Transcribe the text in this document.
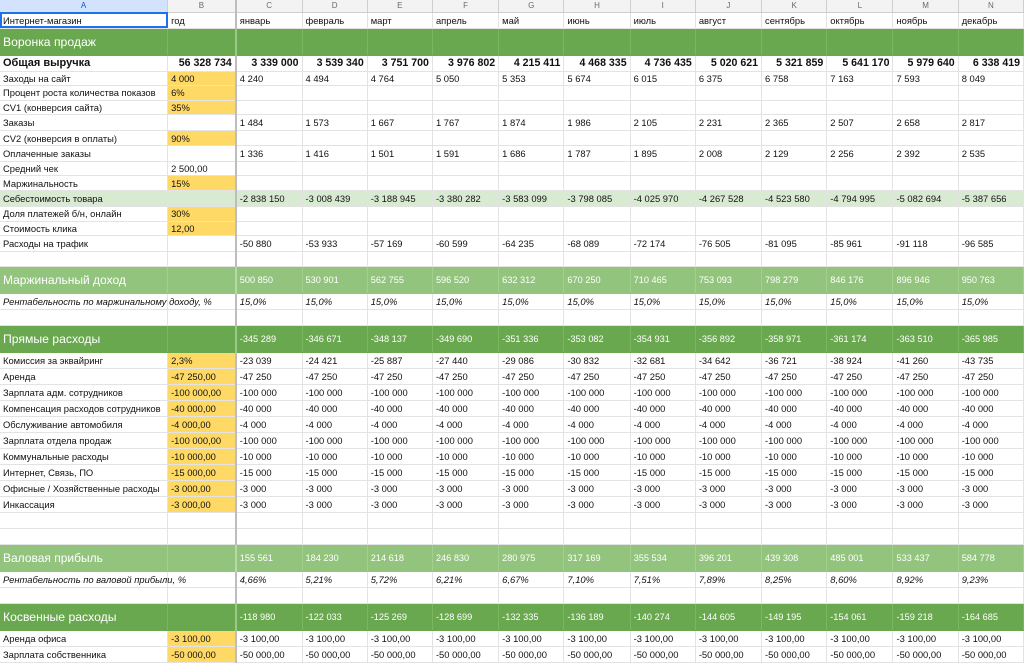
A	B	C	D	E	F	G	H	I	J	K	L	M	N
Интернет-магазин	год	январь	февраль	март	апрель	май	июнь	июль	август	сентябрь	октябрь	ноябрь	декабрь
Воронка продаж													
Общая выручка	56 328 734	3 339 000	3 539 340	3 751 700	3 976 802	4 215 411	4 468 335	4 736 435	5 020 621	5 321 859	5 641 170	5 979 640	6 338 419
Заходы на сайт	4 000	4 240	4 494	4 764	5 050	5 353	5 674	6 015	6 375	6 758	7 163	7 593	8 049
Процент роста количества показов	6%												
CV1 (конверсия сайта)	35%												
Заказы		1 484	1 573	1 667	1 767	1 874	1 986	2 105	2 231	2 365	2 507	2 658	2 817
CV2 (конверсия в оплаты)	90%												
Оплаченные заказы		1 336	1 416	1 501	1 591	1 686	1 787	1 895	2 008	2 129	2 256	2 392	2 535
Средний чек	2 500,00												
Маржинальность	15%												
Себестоимость товара		-2 838 150	-3 008 439	-3 188 945	-3 380 282	-3 583 099	-3 798 085	-4 025 970	-4 267 528	-4 523 580	-4 794 995	-5 082 694	-5 387 656
Доля платежей б/н, онлайн	30%												
Стоимость клика	12,00												
Расходы на трафик		-50 880	-53 933	-57 169	-60 599	-64 235	-68 089	-72 174	-76 505	-81 095	-85 961	-91 118	-96 585

Маржинальный доход		500 850	530 901	562 755	596 520	632 312	670 250	710 465	753 093	798 279	846 176	896 946	950 763
Рентабельность по маржинальному доходу, %		15,0%	15,0%	15,0%	15,0%	15,0%	15,0%	15,0%	15,0%	15,0%	15,0%	15,0%	15,0%

Прямые расходы		-345 289	-346 671	-348 137	-349 690	-351 336	-353 082	-354 931	-356 892	-358 971	-361 174	-363 510	-365 985
Комиссия за эквайринг	2,3%	-23 039	-24 421	-25 887	-27 440	-29 086	-30 832	-32 681	-34 642	-36 721	-38 924	-41 260	-43 735
Аренда	-47 250,00	-47 250	-47 250	-47 250	-47 250	-47 250	-47 250	-47 250	-47 250	-47 250	-47 250	-47 250	-47 250
Зарплата адм. сотрудников	-100 000,00	-100 000	-100 000	-100 000	-100 000	-100 000	-100 000	-100 000	-100 000	-100 000	-100 000	-100 000	-100 000
Компенсация расходов сотрудников	-40 000,00	-40 000	-40 000	-40 000	-40 000	-40 000	-40 000	-40 000	-40 000	-40 000	-40 000	-40 000	-40 000
Обслуживание автомобиля	-4 000,00	-4 000	-4 000	-4 000	-4 000	-4 000	-4 000	-4 000	-4 000	-4 000	-4 000	-4 000	-4 000
Зарплата отдела продаж	-100 000,00	-100 000	-100 000	-100 000	-100 000	-100 000	-100 000	-100 000	-100 000	-100 000	-100 000	-100 000	-100 000
Коммунальные расходы	-10 000,00	-10 000	-10 000	-10 000	-10 000	-10 000	-10 000	-10 000	-10 000	-10 000	-10 000	-10 000	-10 000
Интернет, Связь, ПО	-15 000,00	-15 000	-15 000	-15 000	-15 000	-15 000	-15 000	-15 000	-15 000	-15 000	-15 000	-15 000	-15 000
Офисные / Хозяйственные расходы	-3 000,00	-3 000	-3 000	-3 000	-3 000	-3 000	-3 000	-3 000	-3 000	-3 000	-3 000	-3 000	-3 000
Инкассация	-3 000,00	-3 000	-3 000	-3 000	-3 000	-3 000	-3 000	-3 000	-3 000	-3 000	-3 000	-3 000	-3 000

Валовая прибыль		155 561	184 230	214 618	246 830	280 975	317 169	355 534	396 201	439 308	485 001	533 437	584 778
Рентабельность по валовой прибыли, %		4,66%	5,21%	5,72%	6,21%	6,67%	7,10%	7,51%	7,89%	8,25%	8,60%	8,92%	9,23%

Косвенные расходы		-118 980	-122 033	-125 269	-128 699	-132 335	-136 189	-140 274	-144 605	-149 195	-154 061	-159 218	-164 685
Аренда офиса	-3 100,00	-3 100,00	-3 100,00	-3 100,00	-3 100,00	-3 100,00	-3 100,00	-3 100,00	-3 100,00	-3 100,00	-3 100,00	-3 100,00	-3 100,00
Зарплата собственника	-50 000,00	-50 000,00	-50 000,00	-50 000,00	-50 000,00	-50 000,00	-50 000,00	-50 000,00	-50 000,00	-50 000,00	-50 000,00	-50 000,00	-50 000,00
